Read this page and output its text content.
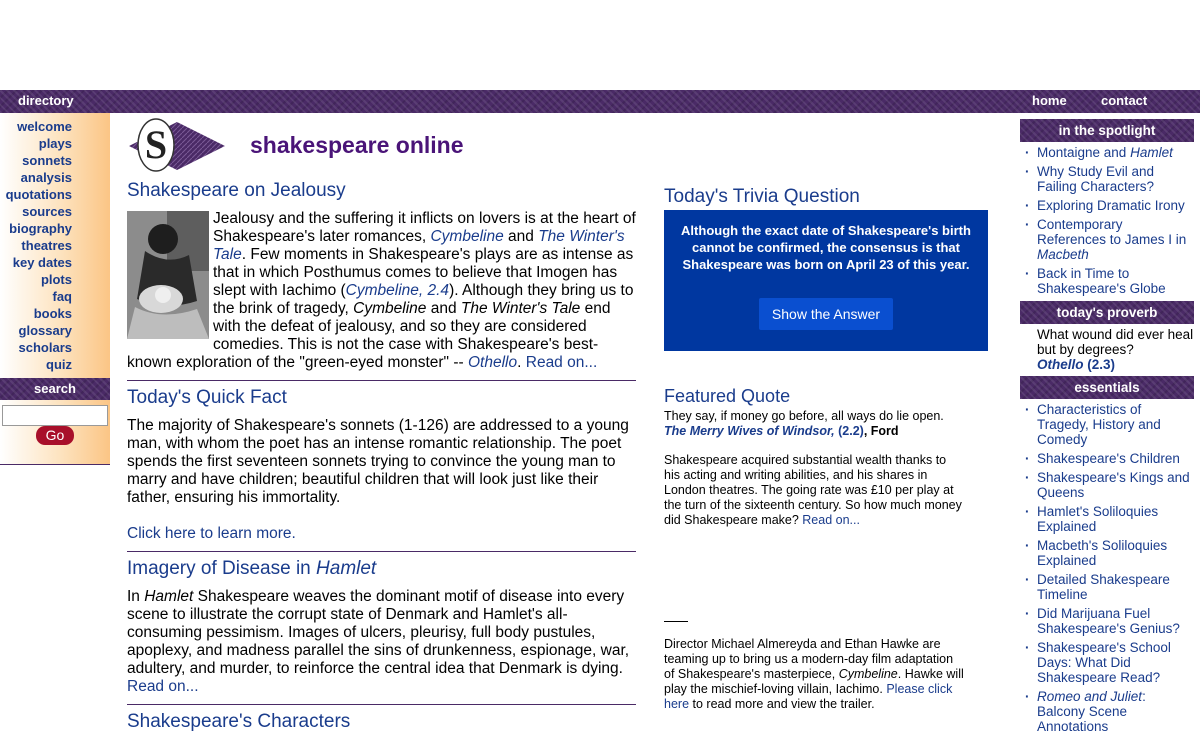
directory	home	contact
welcome
plays
sonnets
analysis
quotations
sources
biography
theatres
key dates
plots
faq
books
glossary
scholars
quiz
search
Go
S	shakespeare online
Shakespeare on Jealousy
Jealousy and the suffering it inflicts on lovers is at the heart of Shakespeare's later romances, Cymbeline and The Winter's Tale. Few moments in Shakespeare's plays are as intense as that in which Posthumus comes to believe that Imogen has slept with Iachimo (Cymbeline, 2.4). Although they bring us to the brink of tragedy, Cymbeline and The Winter's Tale end with the defeat of jealousy, and so they are considered comedies. This is not the case with Shakespeare's best-known exploration of the "green-eyed monster" -- Othello. Read on...
Today's Quick Fact
The majority of Shakespeare's sonnets (1-126) are addressed to a young man, with whom the poet has an intense romantic relationship. The poet spends the first seventeen sonnets trying to convince the young man to marry and have children; beautiful children that will look just like their father, ensuring his immortality.
Click here to learn more.
Imagery of Disease in Hamlet
In Hamlet Shakespeare weaves the dominant motif of disease into every scene to illustrate the corrupt state of Denmark and Hamlet's all-consuming pessimism. Images of ulcers, pleurisy, full body pustules, apoplexy, and madness parallel the sins of drunkenness, espionage, war, adultery, and murder, to reinforce the central idea that Denmark is dying. Read on...
Shakespeare's Characters
Today's Trivia Question
Although the exact date of Shakespeare's birth cannot be confirmed, the consensus is that Shakespeare was born on April 23 of this year.
Show the Answer
Featured Quote
They say, if money go before, all ways do lie open.
The Merry Wives of Windsor, (2.2), Ford
Shakespeare acquired substantial wealth thanks to his acting and writing abilities, and his shares in London theatres. The going rate was £10 per play at the turn of the sixteenth century. So how much money did Shakespeare make? Read on...
Director Michael Almereyda and Ethan Hawke are teaming up to bring us a modern-day film adaptation of Shakespeare's masterpiece, Cymbeline. Hawke will play the mischief-loving villain, Iachimo. Please click here to read more and view the trailer.
in the spotlight
· Montaigne and Hamlet
· Why Study Evil and Failing Characters?
· Exploring Dramatic Irony
· Contemporary References to James I in Macbeth
· Back in Time to Shakespeare's Globe
today's proverb
What wound did ever heal but by degrees?
Othello (2.3)
essentials
· Characteristics of Tragedy, History and Comedy
· Shakespeare's Children
· Shakespeare's Kings and Queens
· Hamlet's Soliloquies Explained
· Macbeth's Soliloquies Explained
· Detailed Shakespeare Timeline
· Did Marijuana Fuel Shakespeare's Genius?
· Shakespeare's School Days: What Did Shakespeare Read?
· Romeo and Juliet: Balcony Scene Annotations
